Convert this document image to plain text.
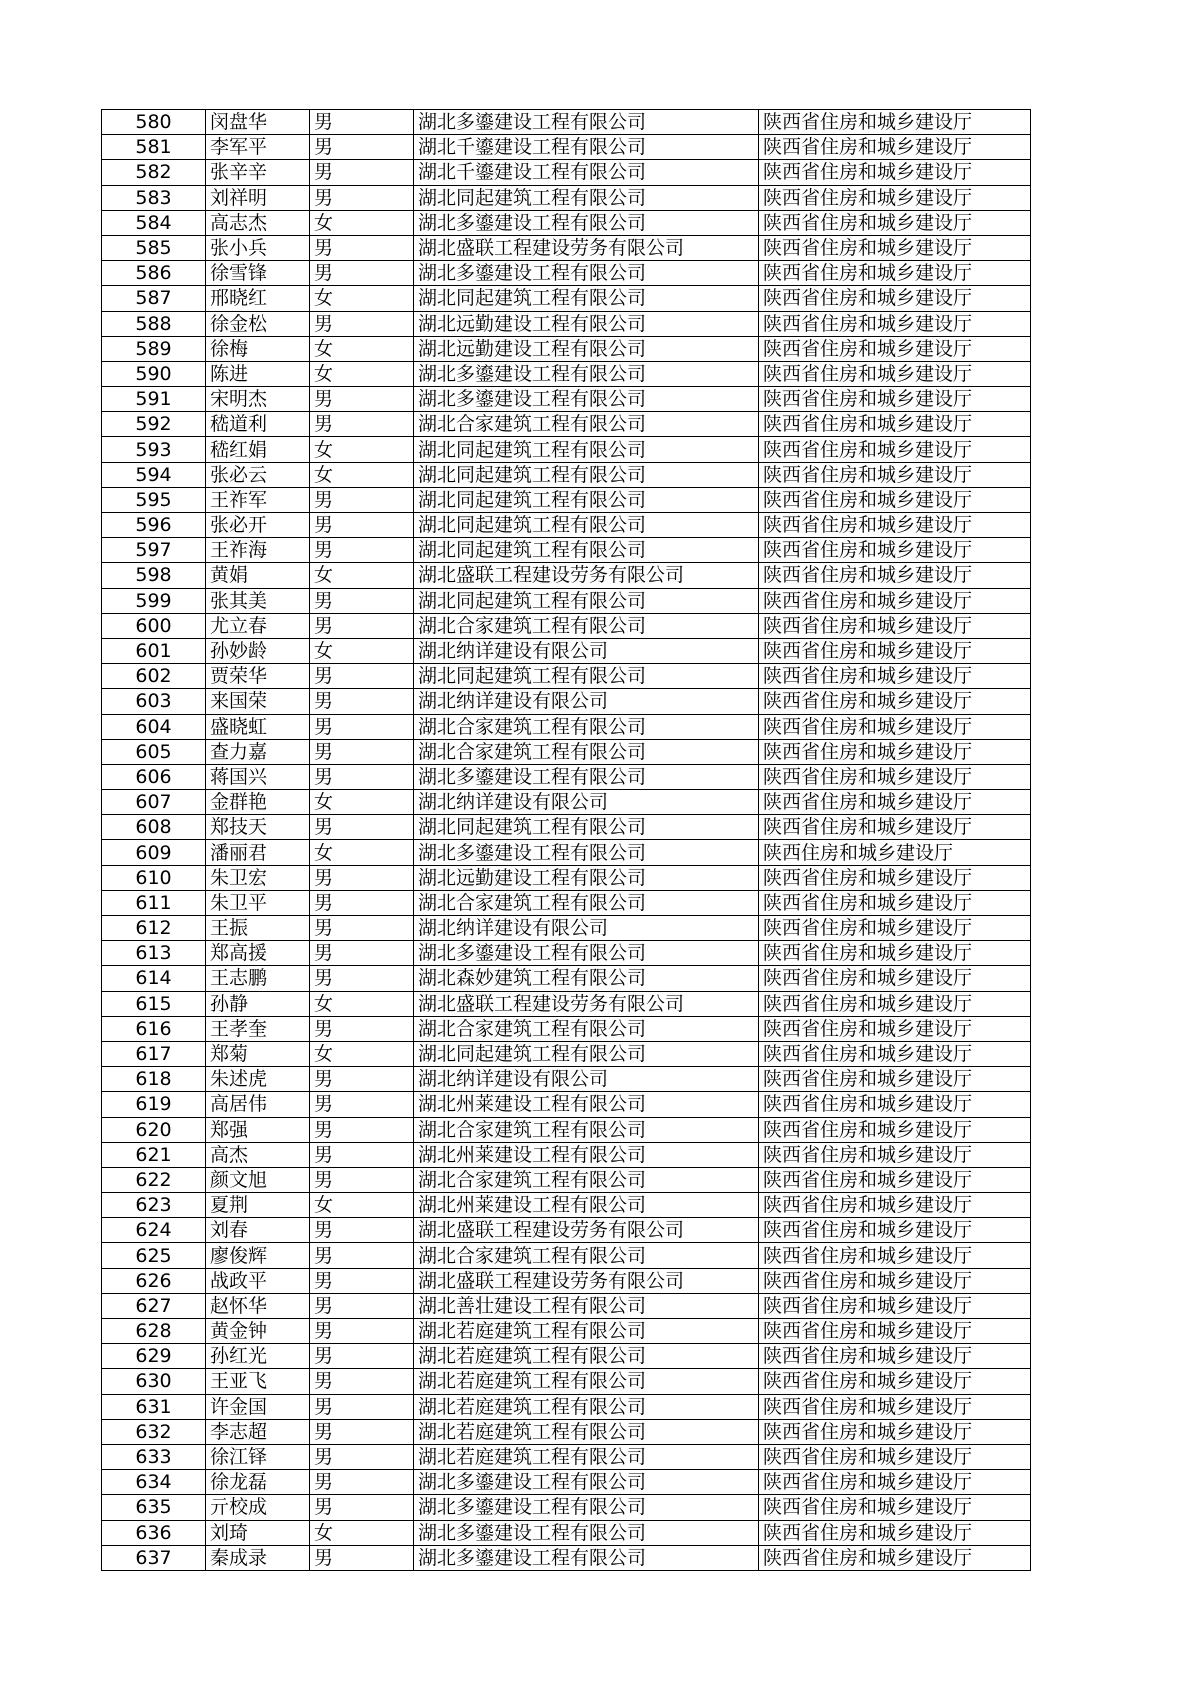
580	闵盘华	男	湖北多鎏建设工程有限公司	陕西省住房和城乡建设厅
581	李军平	男	湖北千鎏建设工程有限公司	陕西省住房和城乡建设厅
582	张辛辛	男	湖北千鎏建设工程有限公司	陕西省住房和城乡建设厅
583	刘祥明	男	湖北同起建筑工程有限公司	陕西省住房和城乡建设厅
584	高志杰	女	湖北多鎏建设工程有限公司	陕西省住房和城乡建设厅
585	张小兵	男	湖北盛联工程建设劳务有限公司	陕西省住房和城乡建设厅
586	徐雪锋	男	湖北多鎏建设工程有限公司	陕西省住房和城乡建设厅
587	邢晓红	女	湖北同起建筑工程有限公司	陕西省住房和城乡建设厅
588	徐金松	男	湖北远勤建设工程有限公司	陕西省住房和城乡建设厅
589	徐梅	女	湖北远勤建设工程有限公司	陕西省住房和城乡建设厅
590	陈进	女	湖北多鎏建设工程有限公司	陕西省住房和城乡建设厅
591	宋明杰	男	湖北多鎏建设工程有限公司	陕西省住房和城乡建设厅
592	嵇道利	男	湖北合家建筑工程有限公司	陕西省住房和城乡建设厅
593	嵇红娟	女	湖北同起建筑工程有限公司	陕西省住房和城乡建设厅
594	张必云	女	湖北同起建筑工程有限公司	陕西省住房和城乡建设厅
595	王祚军	男	湖北同起建筑工程有限公司	陕西省住房和城乡建设厅
596	张必开	男	湖北同起建筑工程有限公司	陕西省住房和城乡建设厅
597	王祚海	男	湖北同起建筑工程有限公司	陕西省住房和城乡建设厅
598	黄娟	女	湖北盛联工程建设劳务有限公司	陕西省住房和城乡建设厅
599	张其美	男	湖北同起建筑工程有限公司	陕西省住房和城乡建设厅
600	尤立春	男	湖北合家建筑工程有限公司	陕西省住房和城乡建设厅
601	孙妙龄	女	湖北纳详建设有限公司	陕西省住房和城乡建设厅
602	贾荣华	男	湖北同起建筑工程有限公司	陕西省住房和城乡建设厅
603	来国荣	男	湖北纳详建设有限公司	陕西省住房和城乡建设厅
604	盛晓虹	男	湖北合家建筑工程有限公司	陕西省住房和城乡建设厅
605	查力嘉	男	湖北合家建筑工程有限公司	陕西省住房和城乡建设厅
606	蒋国兴	男	湖北多鎏建设工程有限公司	陕西省住房和城乡建设厅
607	金群艳	女	湖北纳详建设有限公司	陕西省住房和城乡建设厅
608	郑技天	男	湖北同起建筑工程有限公司	陕西省住房和城乡建设厅
609	潘丽君	女	湖北多鎏建设工程有限公司	陕西住房和城乡建设厅
610	朱卫宏	男	湖北远勤建设工程有限公司	陕西省住房和城乡建设厅
611	朱卫平	男	湖北合家建筑工程有限公司	陕西省住房和城乡建设厅
612	王振	男	湖北纳详建设有限公司	陕西省住房和城乡建设厅
613	郑高援	男	湖北多鎏建设工程有限公司	陕西省住房和城乡建设厅
614	王志鹏	男	湖北森妙建筑工程有限公司	陕西省住房和城乡建设厅
615	孙静	女	湖北盛联工程建设劳务有限公司	陕西省住房和城乡建设厅
616	王孝奎	男	湖北合家建筑工程有限公司	陕西省住房和城乡建设厅
617	郑菊	女	湖北同起建筑工程有限公司	陕西省住房和城乡建设厅
618	朱述虎	男	湖北纳详建设有限公司	陕西省住房和城乡建设厅
619	高居伟	男	湖北州莱建设工程有限公司	陕西省住房和城乡建设厅
620	郑强	男	湖北合家建筑工程有限公司	陕西省住房和城乡建设厅
621	高杰	男	湖北州莱建设工程有限公司	陕西省住房和城乡建设厅
622	颜文旭	男	湖北合家建筑工程有限公司	陕西省住房和城乡建设厅
623	夏荆	女	湖北州莱建设工程有限公司	陕西省住房和城乡建设厅
624	刘春	男	湖北盛联工程建设劳务有限公司	陕西省住房和城乡建设厅
625	廖俊辉	男	湖北合家建筑工程有限公司	陕西省住房和城乡建设厅
626	战政平	男	湖北盛联工程建设劳务有限公司	陕西省住房和城乡建设厅
627	赵怀华	男	湖北善壮建设工程有限公司	陕西省住房和城乡建设厅
628	黄金钟	男	湖北若庭建筑工程有限公司	陕西省住房和城乡建设厅
629	孙红光	男	湖北若庭建筑工程有限公司	陕西省住房和城乡建设厅
630	王亚飞	男	湖北若庭建筑工程有限公司	陕西省住房和城乡建设厅
631	许金国	男	湖北若庭建筑工程有限公司	陕西省住房和城乡建设厅
632	李志超	男	湖北若庭建筑工程有限公司	陕西省住房和城乡建设厅
633	徐江铎	男	湖北若庭建筑工程有限公司	陕西省住房和城乡建设厅
634	徐龙磊	男	湖北多鎏建设工程有限公司	陕西省住房和城乡建设厅
635	亓校成	男	湖北多鎏建设工程有限公司	陕西省住房和城乡建设厅
636	刘琦	女	湖北多鎏建设工程有限公司	陕西省住房和城乡建设厅
637	秦成录	男	湖北多鎏建设工程有限公司	陕西省住房和城乡建设厅
